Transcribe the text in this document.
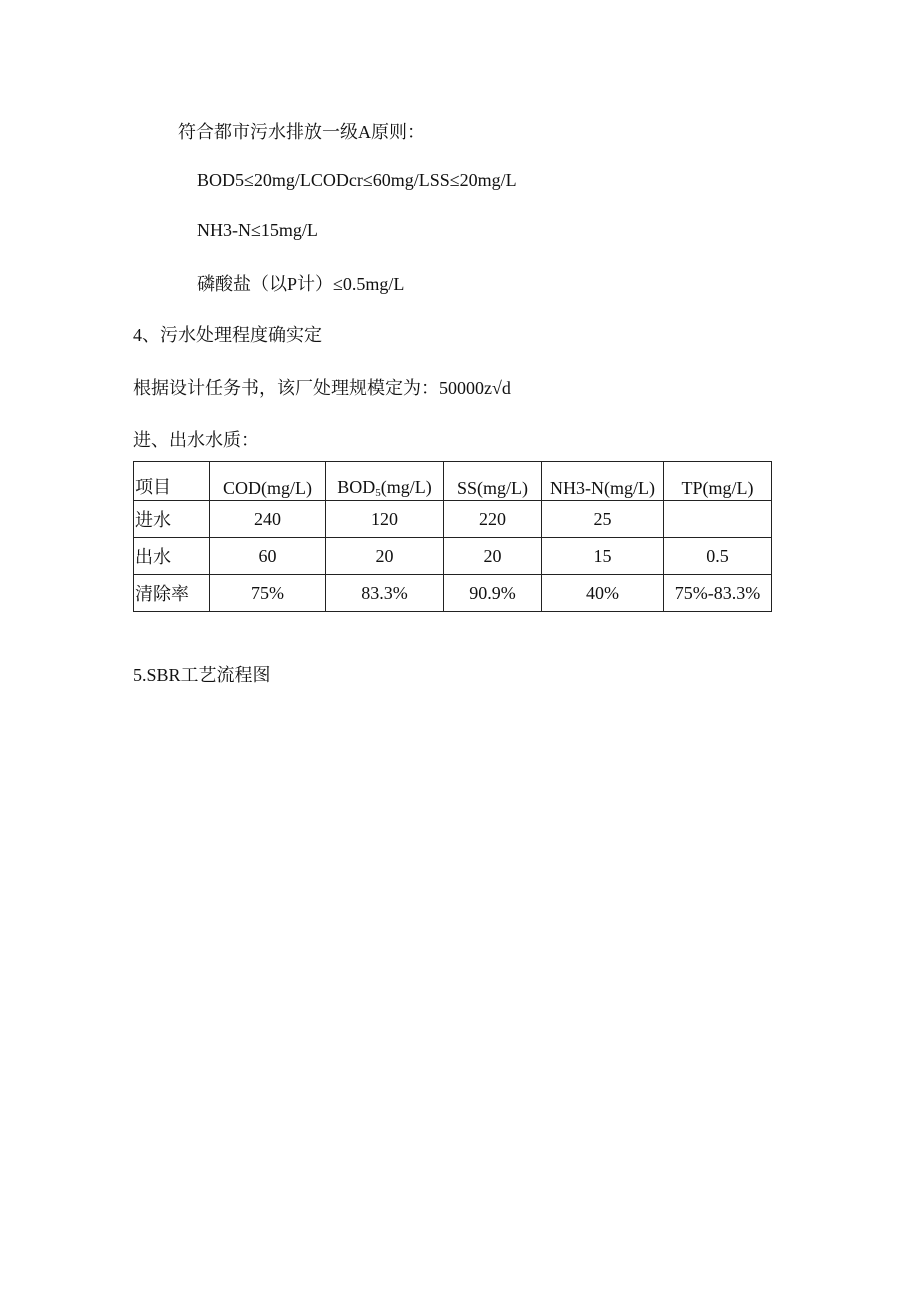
符合都市污水排放一级A原则：
BOD5≤20mg/LCODcr≤60mg/LSS≤20mg/L
NH3-N≤15mg/L
磷酸盐（以P计）≤0.5mg/L
4、污水处理程度确实定
根据设计任务书，该厂处理规模定为：50000z√d
进、出水水质：
项目	COD(mg/L)	$BOD_5(mg/L)$	SS(mg/L)	NH3-N(mg/L)	TP(mg/L)
进水	240	120	220	25	
出水	60	20	20	15	0.5
清除率	75%	83.3%	90.9%	40%	75%-83.3%
5.SBR工艺流程图
